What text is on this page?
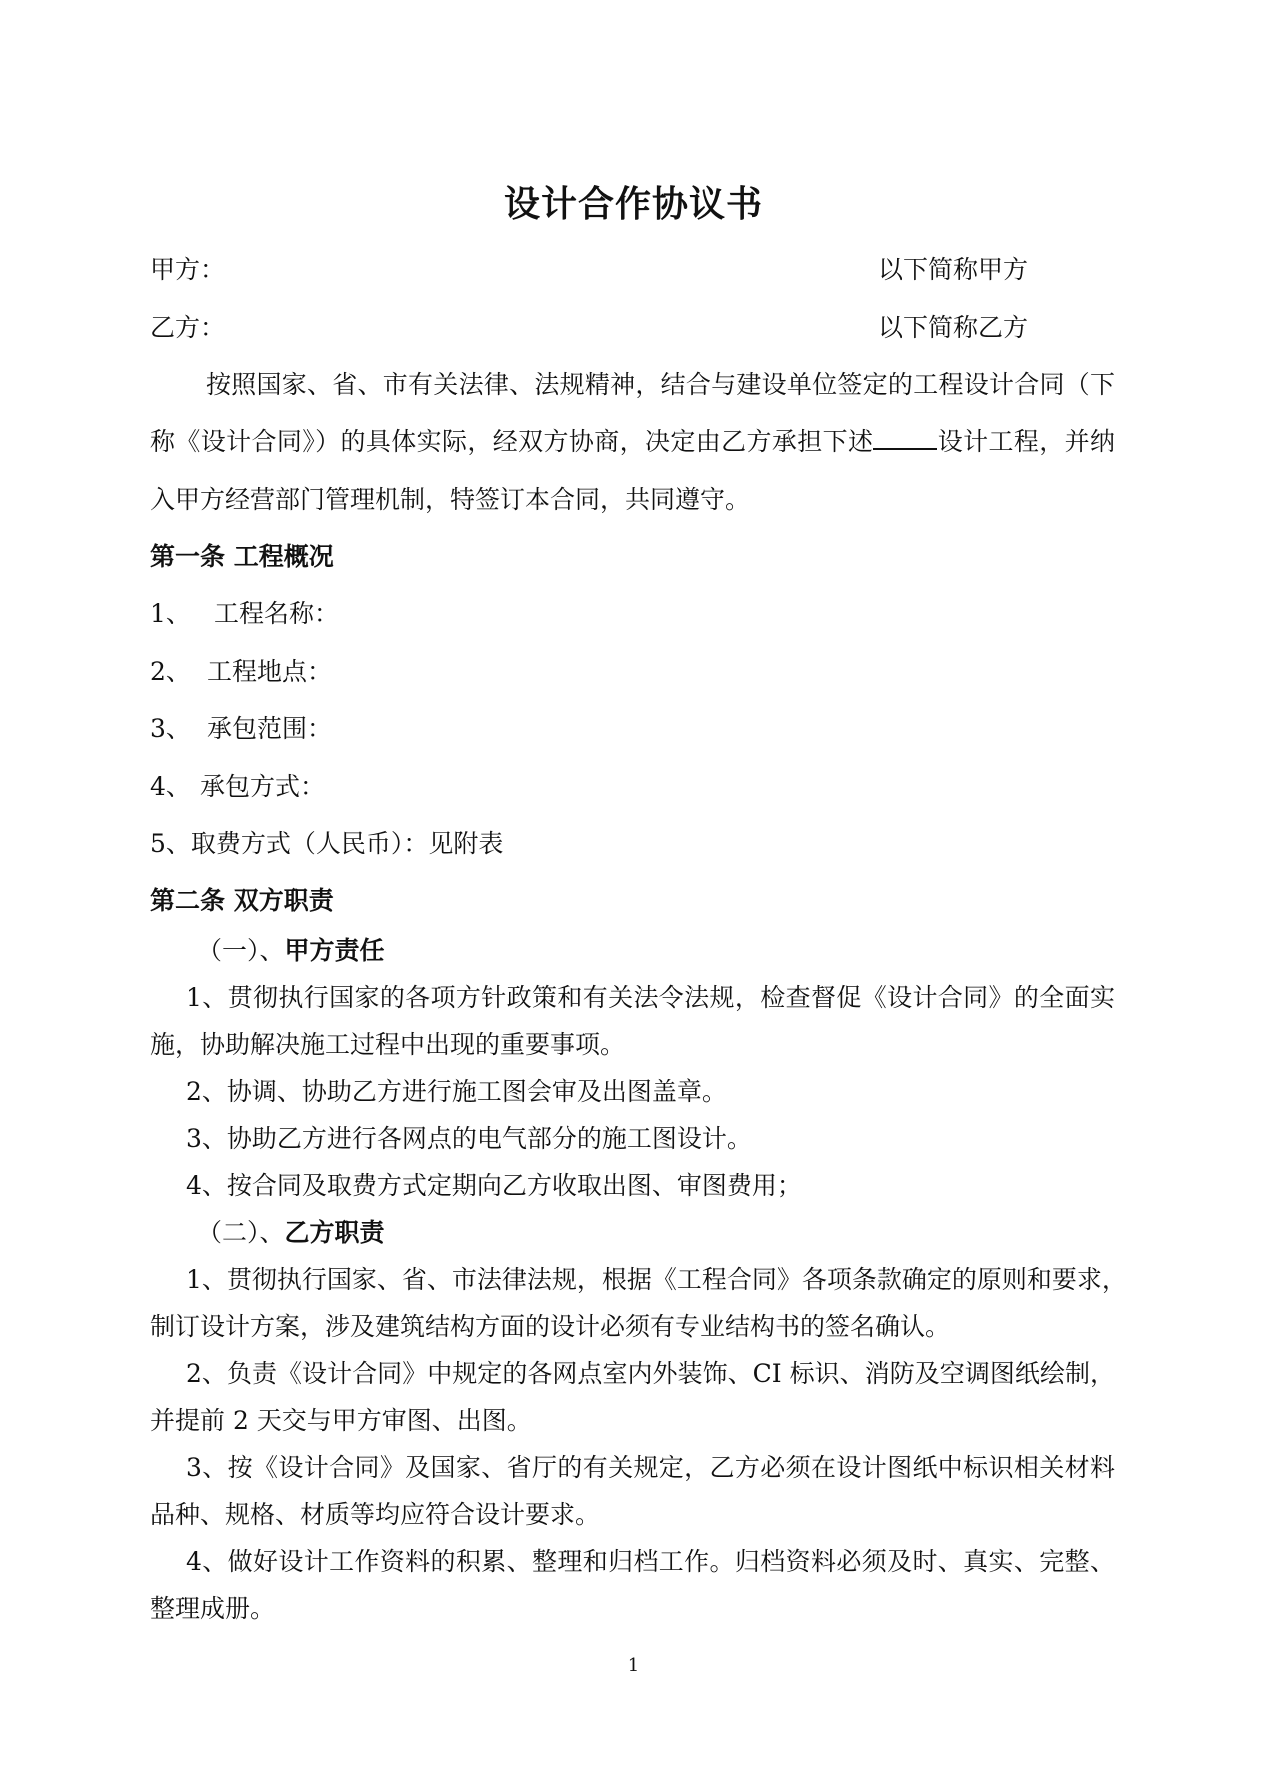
设计合作协议书
甲方：	以下简称甲方
乙方：	以下简称乙方
按照国家、省、市有关法律、法规精神，结合与建设单位签定的工程设计合同（下
称《设计合同》）的具体实际，经双方协商，决定由乙方承担下述	设计工程，并纳
入甲方经营部门管理机制，特签订本合同，共同遵守。
第一条 工程概况
1、 工程名称：
2、 工程地点：
3、 承包范围：
4、 承包方式：
5、取费方式（人民币）：见附表
第二条 双方职责
（一）、甲方责任
1、贯彻执行国家的各项方针政策和有关法令法规，检查督促《设计合同》的全面实
施，协助解决施工过程中出现的重要事项。
2、协调、协助乙方进行施工图会审及出图盖章。
3、协助乙方进行各网点的电气部分的施工图设计。
4、按合同及取费方式定期向乙方收取出图、审图费用；
（二）、乙方职责
1、贯彻执行国家、省、市法律法规，根据《工程合同》各项条款确定的原则和要求，
制订设计方案，涉及建筑结构方面的设计必须有专业结构书的签名确认。
2、负责《设计合同》中规定的各网点室内外装饰、CI 标识、消防及空调图纸绘制，
并提前 2 天交与甲方审图、出图。
3、按《设计合同》及国家、省厅的有关规定，乙方必须在设计图纸中标识相关材料
品种、规格、材质等均应符合设计要求。
4、做好设计工作资料的积累、整理和归档工作。归档资料必须及时、真实、完整、
整理成册。
1
